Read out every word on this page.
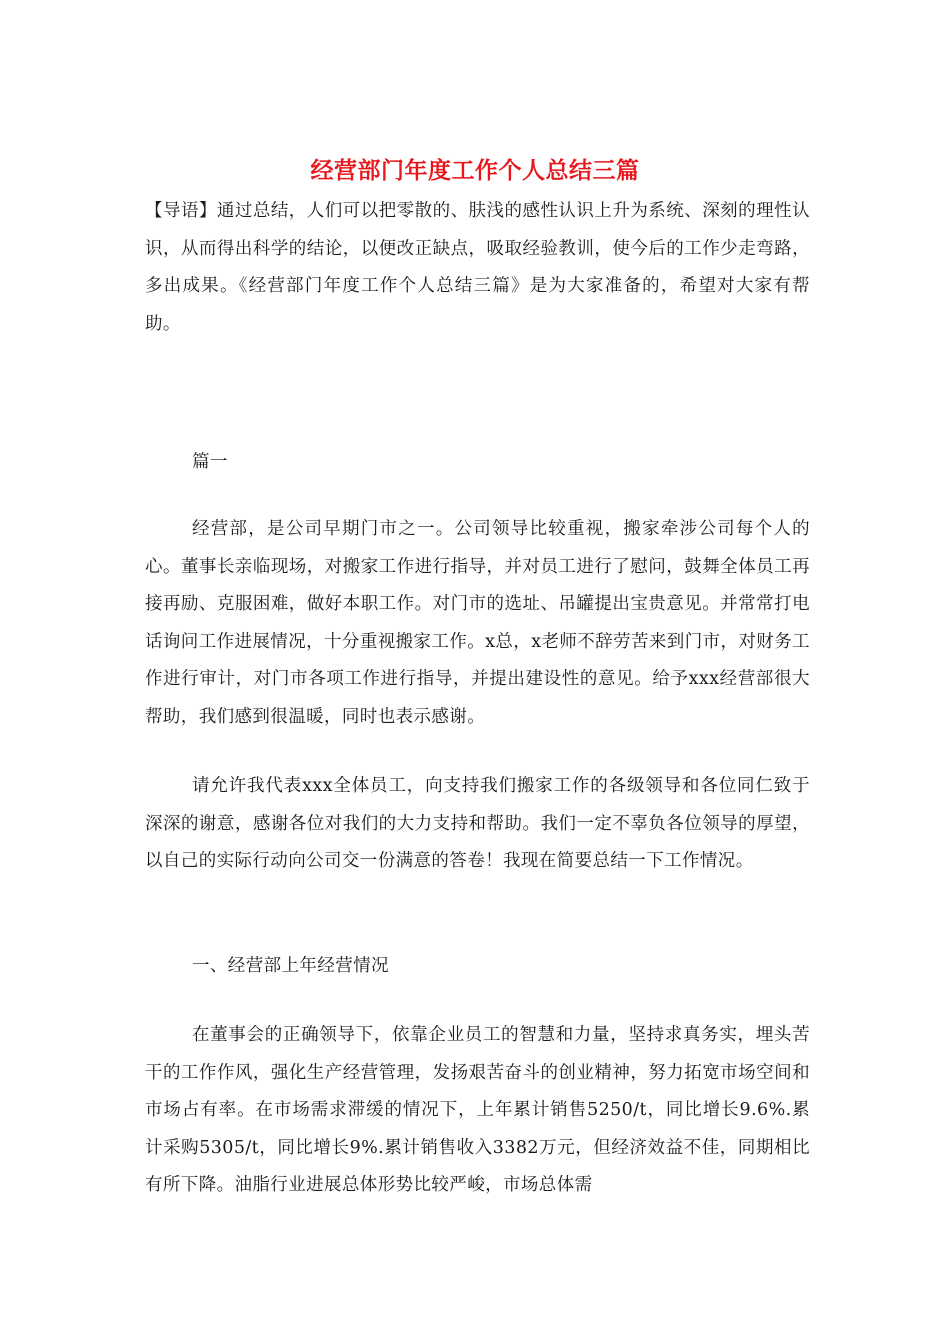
经营部门年度工作个人总结三篇
【导语】通过总结，人们可以把零散的、肤浅的感性认识上升为系统、深刻的理性认识，从而得出科学的结论，以便改正缺点，吸取经验教训，使今后的工作少走弯路，多出成果。《经营部门年度工作个人总结三篇》是为大家准备的，希望对大家有帮助。
篇一
经营部，是公司早期门市之一。公司领导比较重视，搬家牵涉公司每个人的心。董事长亲临现场，对搬家工作进行指导，并对员工进行了慰问，鼓舞全体员工再接再励、克服困难，做好本职工作。对门市的选址、吊罐提出宝贵意见。并常常打电话询问工作进展情况，十分重视搬家工作。x总，x老师不辞劳苦来到门市，对财务工作进行审计，对门市各项工作进行指导，并提出建设性的意见。给予xxx经营部很大帮助，我们感到很温暖，同时也表示感谢。
请允许我代表xxx全体员工，向支持我们搬家工作的各级领导和各位同仁致于深深的谢意，感谢各位对我们的大力支持和帮助。我们一定不辜负各位领导的厚望，以自己的实际行动向公司交一份满意的答卷！我现在简要总结一下工作情况。
一、经营部上年经营情况
在董事会的正确领导下，依靠企业员工的智慧和力量，坚持求真务实，埋头苦干的工作作风，强化生产经营管理，发扬艰苦奋斗的创业精神，努力拓宽市场空间和市场占有率。在市场需求滞缓的情况下，上年累计销售5250/t，同比增长9.6%.累计采购5305/t，同比增长9%.累计销售收入3382万元，但经济效益不佳，同期相比有所下降。油脂行业进展总体形势比较严峻，市场总体需
